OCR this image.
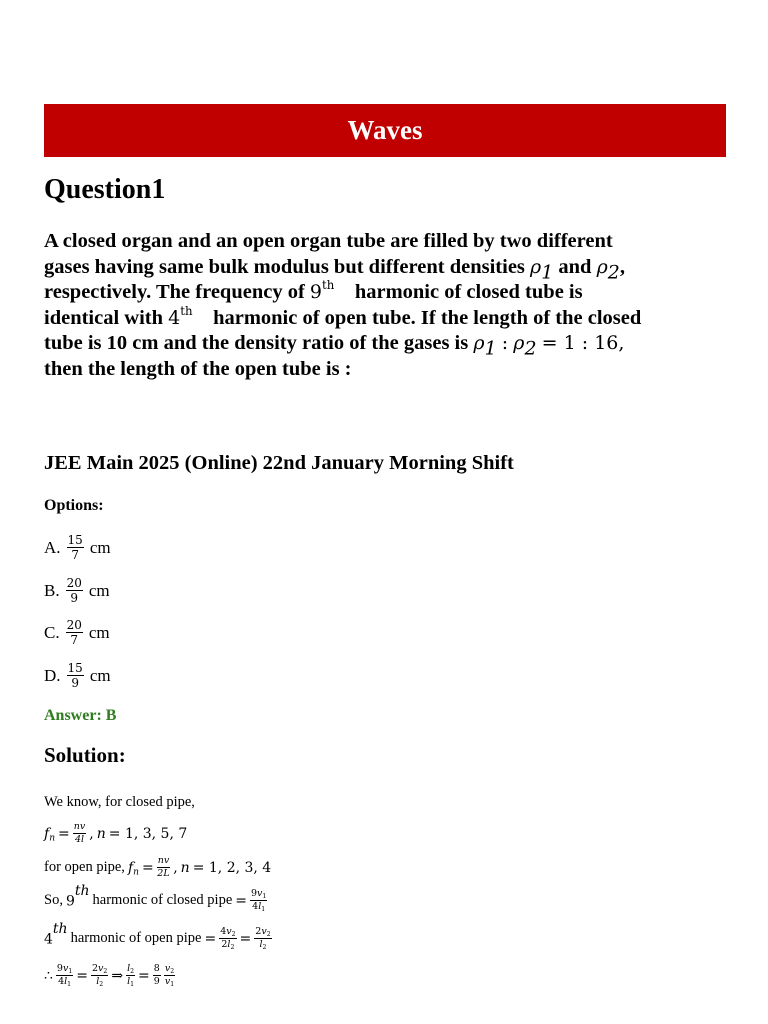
Waves
Question1
A closed organ and an open organ tube are filled by two different
gases having same bulk modulus but different densities $\rho_1$ and $\rho_2$,
respectively. The frequency of 9th harmonic of closed tube is
identical with 4th harmonic of open tube. If the length of the closed
tube is 10 cm and the density ratio of the gases is $\rho_1$ : $\rho_2 = 1$ : 16,
then the length of the open tube is :
JEE Main 2025 (Online) 22nd January Morning Shift
Options:
A. $\frac{15}{7}$ cm
B. $\frac{20}{9}$ cm
C. $\frac{20}{7}$ cm
D. $\frac{15}{9}$ cm
Answer: B
Solution:
We know, for closed pipe,
$f_n = \frac{nv}{4l}$ , n = 1, 3, 5, 7
for open pipe, $f_n = \frac{nv}{2L}$ , n = 1, 2, 3, 4
So, 9th
harmonic of closed pipe = $\frac{9v_1}{4l_1}$
4th
harmonic of open pipe = $\frac{4v_2}{2l_2} = \frac{2v_2}{l_2}$
∴ $\frac{9v_1}{4l_1} = \frac{2v_2}{l_2}$ ⇒ $\frac{l_2}{l_1} = \frac{8}{9} \frac{v_2}{v_1}$
